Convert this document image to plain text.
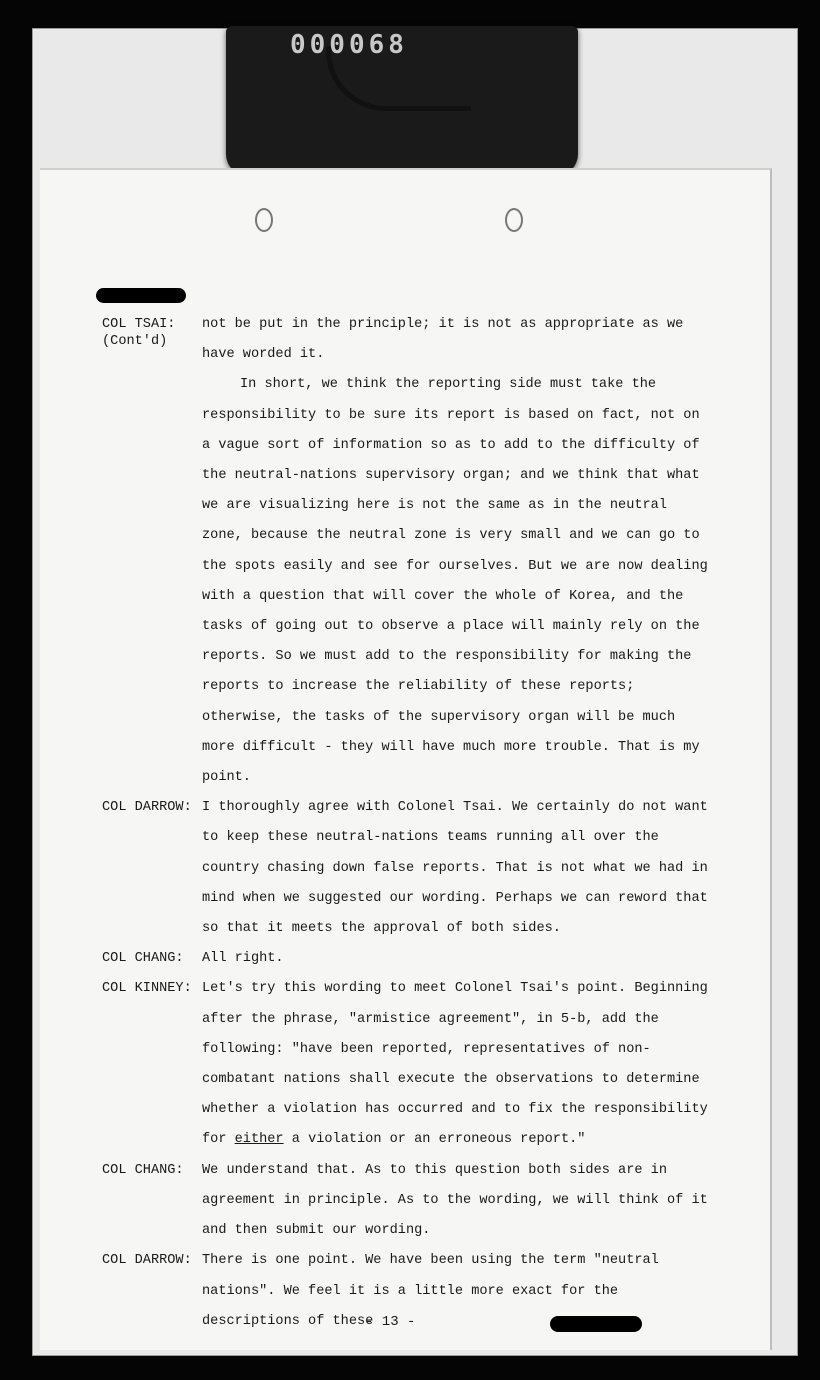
000068
COL TSAI:
(Cont'd)

not be put in the principle; it is not as appropriate as we have worded it.

In short, we think the reporting side must take the responsibility to be sure its report is based on fact, not on a vague sort of information so as to add to the difficulty of the neutral-nations supervisory organ; and we think that what we are visualizing here is not the same as in the neutral zone, because the neutral zone is very small and we can go to the spots easily and see for ourselves. But we are now dealing with a question that will cover the whole of Korea, and the tasks of going out to observe a place will mainly rely on the reports. So we must add to the responsibility for making the reports to increase the reliability of these reports; otherwise, the tasks of the supervisory organ will be much more difficult - they will have much more trouble. That is my point.

COL DARROW: I thoroughly agree with Colonel Tsai. We certainly do not want to keep these neutral-nations teams running all over the country chasing down false reports. That is not what we had in mind when we suggested our wording. Perhaps we can reword that so that it meets the approval of both sides.

COL CHANG:	All right.

COL KINNEY: Let's try this wording to meet Colonel Tsai's point. Beginning after the phrase, "armistice agreement", in 5-b, add the following: "have been reported, representatives of non-combatant nations shall execute the observations to determine whether a violation has occurred and to fix the responsibility for either a violation or an erroneous report."

COL CHANG:	We understand that. As to this question both sides are in agreement in principle. As to the wording, we will think of it and then submit our wording.

COL DARROW: There is one point. We have been using the term "neutral nations". We feel it is a little more exact for the descriptions of these

- 13 -
